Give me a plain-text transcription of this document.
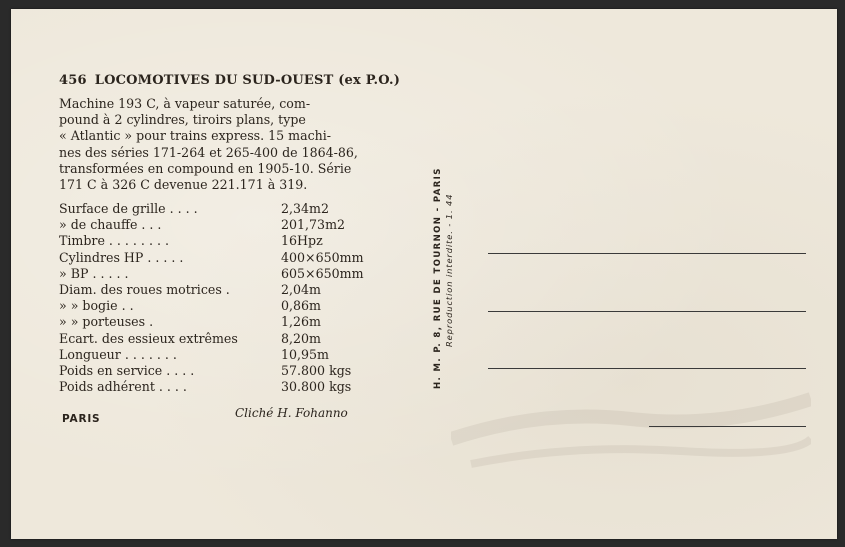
456 LOCOMOTIVES DU SUD-OUEST (ex P.O.)
Machine 193 C, à vapeur saturée, com-
pound à 2 cylindres, tiroirs plans, type
« Atlantic » pour trains express. 15 machi-
nes des séries 171-264 et 265-400 de 1864-86,
transformées en compound en 1905-10. Série
171 C à 326 C devenue 221.171 à 319.
Surface de grille . . . .	2,34m2
» de chauffe . . .	201,73m2
Timbre . . . . . . . .	16Hpz
Cylindres HP . . . . .	400×650mm
» BP . . . . .	605×650mm
Diam. des roues motrices .	2,04m
» » bogie . .	0,86m
» » porteuses .	1,26m
Ecart. des essieux extrêmes	8,20m
Longueur . . . . . . .	10,95m
Poids en service . . . .	57.800 kgs
Poids adhérent . . . .	30.800 kgs
Cliché H. Fohanno
PARIS
H. M. P. 8, RUE DE TOURNON - PARIS Reproduction interdite. - 1. 44
